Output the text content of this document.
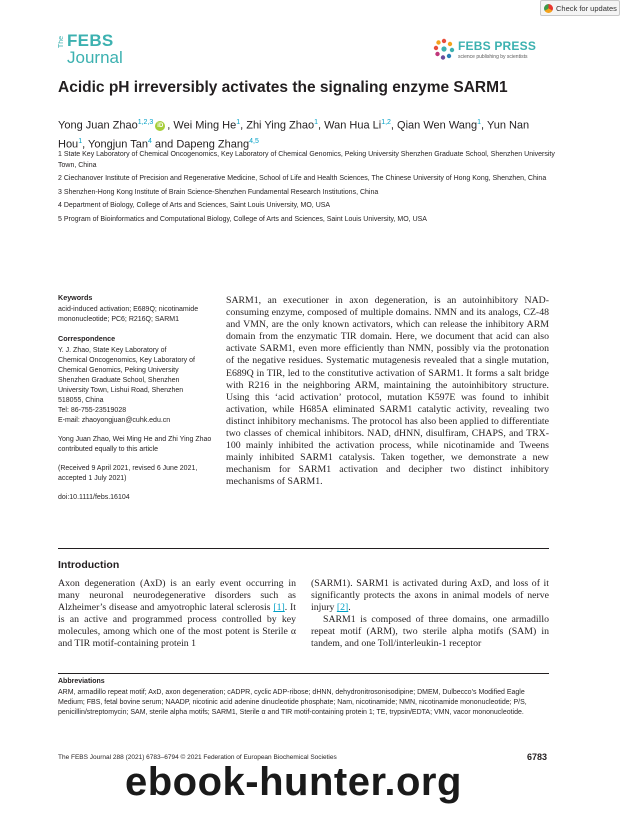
Check for updates
The FEBS
Journal
FEBS PRESS
science publishing by scientists
Acidic pH irreversibly activates the signaling enzyme SARM1
Yong Juan Zhao$^{1,2,3}$ iD , Wei Ming He$^1$, Zhi Ying Zhao$^1$, Wan Hua Li$^{1,2}$, Qian Wen Wang$^1$, Yun Nan Hou$^1$, Yongjun Tan$^4$ and Dapeng Zhang$^{4,5}$

1 State Key Laboratory of Chemical Oncogenomics, Key Laboratory of Chemical Genomics, Peking University Shenzhen Graduate School, Shenzhen University Town, China

2 Ciechanover Institute of Precision and Regenerative Medicine, School of Life and Health Sciences, The Chinese University of Hong Kong, Shenzhen, China

3 Shenzhen-Hong Kong Institute of Brain Science-Shenzhen Fundamental Research Institutions, China

4 Department of Biology, College of Arts and Sciences, Saint Louis University, MO, USA

5 Program of Bioinformatics and Computational Biology, College of Arts and Sciences, Saint Louis University, MO, USA

Keywords
acid-induced activation; E689Q; nicotinamide mononucleotide; PC6; R216Q; SARM1
Correspondence
Y. J. Zhao, State Key Laboratory of
Chemical Oncogenomics, Key Laboratory of
Chemical Genomics, Peking University
Shenzhen Graduate School, Shenzhen
University Town, Lishui Road, Shenzhen
518055, China
Tel: 86-755-23519028
E-mail: zhaoyongjuan@cuhk.edu.cn
Yong Juan Zhao, Wei Ming He and Zhi Ying Zhao contributed equally to this article
(Received 9 April 2021, revised 6 June 2021, accepted 1 July 2021)
doi:10.1111/febs.16104
SARM1, an executioner in axon degeneration, is an autoinhibitory NAD-consuming enzyme, composed of multiple domains. NMN and its analogs, CZ-48 and VMN, are the only known activators, which can release the inhibitory ARM domain from the enzymatic TIR domain. Here, we document that acid can also activate SARM1, even more efficiently than NMN, possibly via the protonation of the negative residues. Systematic mutagenesis revealed that a single mutation, E689Q in TIR, led to the constitutive activation of SARM1. It forms a salt bridge with R216 in the neighboring ARM, maintaining the autoinhibitory structure. Using this ‘acid activation’ protocol, mutation K597E was found to inhibit activation, while H685A eliminated SARM1 catalytic activity, revealing two distinct inhibitory mechanisms. The protocol has also been applied to differentiate two classes of chemical inhibitors. NAD, dHNN, disulfiram, CHAPS, and TRX-100 mainly inhibited the activation process, while nicotinamide and Tweens mainly inhibited SARM1 catalysis. Taken together, we demonstrate a new mechanism for SARM1 activation and decipher two distinct inhibitory mechanisms of SARM1.
Introduction

Axon degeneration (AxD) is an early event occurring in many neuronal neurodegenerative disorders such as Alzheimer’s disease and amyotrophic lateral sclerosis [1]. It is an active and programmed process controlled by key molecules, among which one of the most potent is Sterile α and TIR motif-containing protein 1

(SARM1). SARM1 is activated during AxD, and loss of it significantly protects the axons in animal models of nerve injury [2].

SARM1 is composed of three domains, one armadillo repeat motif (ARM), two sterile alpha motifs (SAM) in tandem, and one Toll/interleukin-1 receptor

Abbreviations
ARM, armadillo repeat motif; AxD, axon degeneration; cADPR, cyclic ADP-ribose; dHNN, dehydronitrosonisodipine; DMEM, Dulbecco’s Modified Eagle Medium; FBS, fetal bovine serum; NAADP, nicotinic acid adenine dinucleotide phosphate; Nam, nicotinamide; NMN, nicotinamide mononucleotide; P/S, penicillin/streptomycin; SAM, sterile alpha motifs; SARM1, Sterile α and TIR motif-containing protein 1; TE, trypsin/EDTA; VMN, vacor mononucleotide.
The FEBS Journal 288 (2021) 6783–6794 © 2021 Federation of European Biochemical Societies	6783
ebook-hunter.org
